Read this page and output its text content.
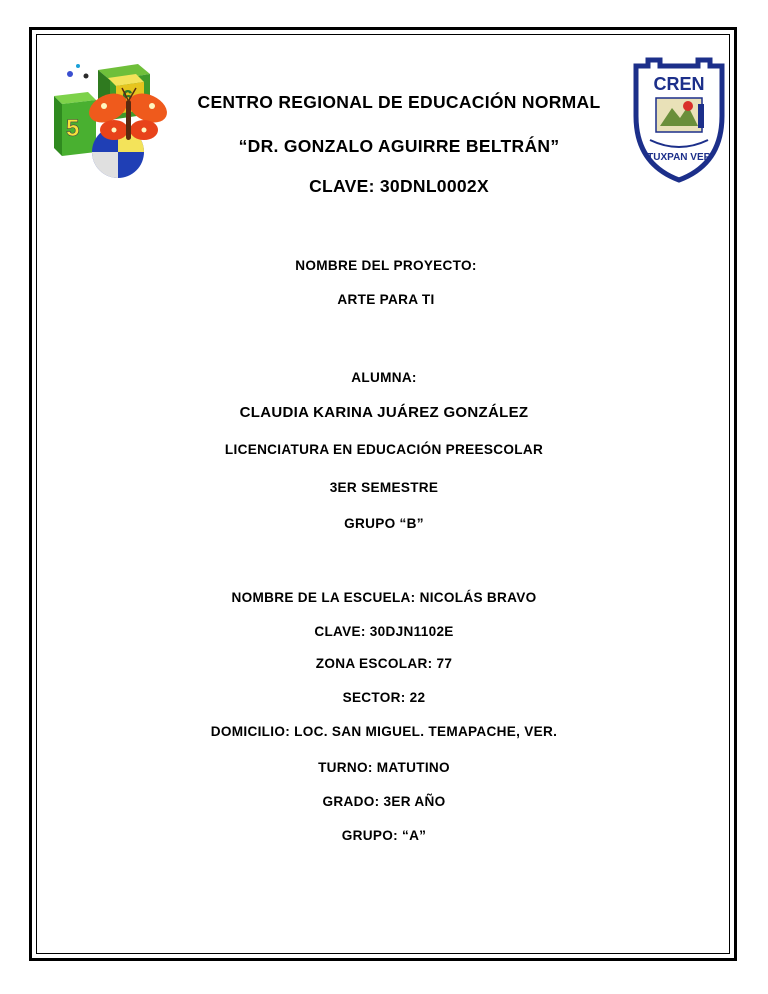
5
CREN
TUXPAN VER
CENTRO REGIONAL DE EDUCACIÓN NORMAL
“DR. GONZALO AGUIRRE BELTRÁN”
CLAVE: 30DNL0002X
NOMBRE DEL PROYECTO:
ARTE PARA TI
ALUMNA:
CLAUDIA KARINA JUÁREZ GONZÁLEZ
LICENCIATURA EN EDUCACIÓN PREESCOLAR
3ER SEMESTRE
GRUPO “B”
NOMBRE DE LA ESCUELA: NICOLÁS BRAVO
CLAVE: 30DJN1102E
ZONA ESCOLAR: 77
SECTOR: 22
DOMICILIO: LOC. SAN MIGUEL. TEMAPACHE, VER.
TURNO: MATUTINO
GRADO: 3ER AÑO
GRUPO: “A”
